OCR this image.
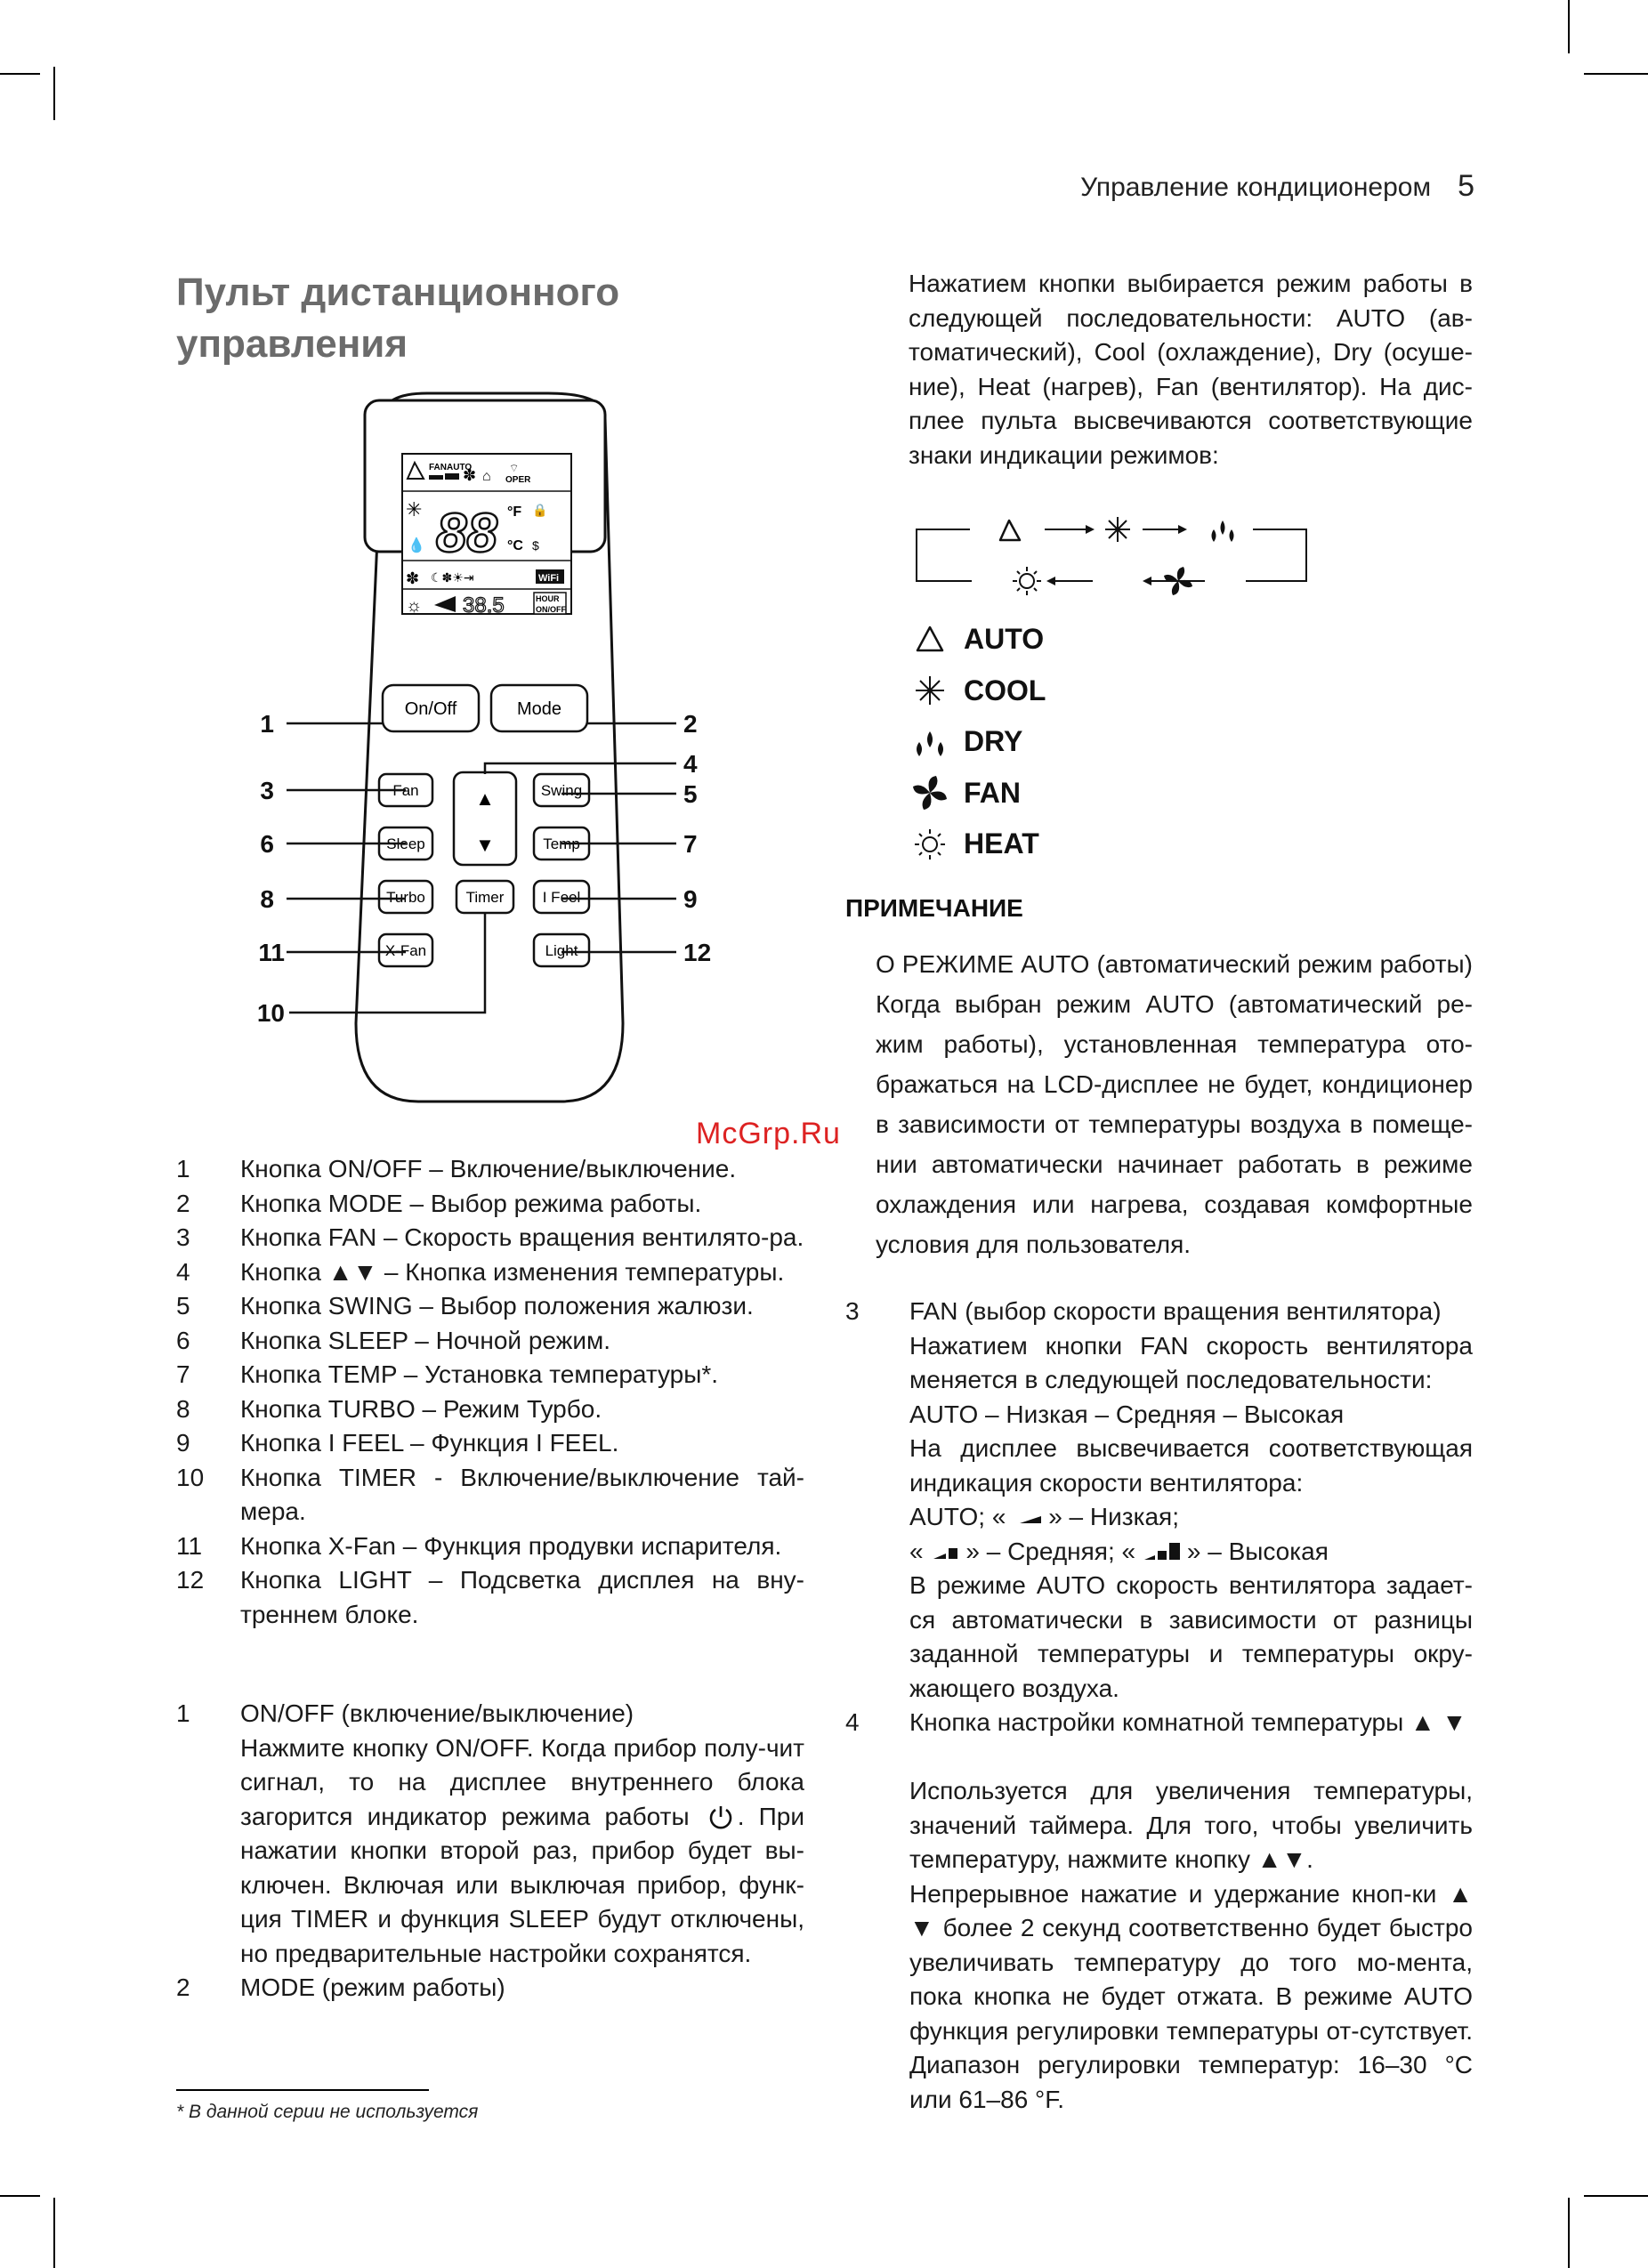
Управление кондиционером 5
Пульт дистанционного
управления
FAN AUTO
✽ ⌂ OPER
⌔
✳
💧 88 °F
°C
🔒
$
✽ ☾✽☀⇥	WiFi
☼ 38.5	HOUR
ON/OFF
On/Off	Mode
Fan	▲
▼
Swing
Sleep	Temp
Turbo	Timer	I Feel
X-Fan	Light
1	2
4
3	5
6	7
8	9
11	12
10
1	Кнопка ON/OFF – Включение/выключение.
2	Кнопка MODE – Выбор режима работы.
3	Кнопка FAN – Скорость вращения вентилято-ра.
4	Кнопка ▲▼ – Кнопка изменения температуры.
5	Кнопка SWING – Выбор положения жалюзи.
6	Кнопка SLEEP – Ночной режим.
7	Кнопка TEMP – Установка температуры*.
8	Кнопка TURBO – Режим Турбо.
9	Кнопка I FEEL – Функция I FEEL.
10	Кнопка TIMER - Включение/выключение тай-мера.
11	Кнопка X-Fan – Функция продувки испарителя.
12	Кнопка LIGHT – Подсветка дисплея на вну-треннем блоке.
1	ON/OFF (включение/выключение)
Нажмите кнопку ON/OFF. Когда прибор полу-чит сигнал, то на дисплее внутреннего блока загорится индикатор режима работы . При нажатии кнопки второй раз, прибор будет вы-ключен. Включая или выключая прибор, функ-ция TIMER и функция SLEEP будут отключены, но предварительные настройки сохранятся.
2	MODE (режим работы)
* В данной серии не используется
Нажатием кнопки выбирается режим работы в следующей последовательности: AUTO (ав-томатический), Cool (охлаждение), Dry (осуше-ние), Heat (нагрев), Fan (вентилятор). На дис-плее пульта высвечиваются соответствующие знаки индикации режимов:
AUTO
COOL
DRY
FAN
HEAT
ПРИМЕЧАНИЕ
О РЕЖИМЕ AUTO (автоматический режим работы) Когда выбран режим AUTO (автоматический ре-жим работы), установленная температура ото-бражаться на LCD-дисплее не будет, кондиционер в зависимости от температуры воздуха в помеще-нии автоматически начинает работать в режиме охлаждения или нагрева, создавая комфортные условия для пользователя.
McGrp.Ru
3	FAN (выбор скорости вращения вентилятора)
Нажатием кнопки FAN скорость вентилятора меняется в следующей последовательности:
AUTO – Низкая – Средняя – Высокая
На дисплее высвечивается соответствующая индикация скорости вентилятора:
AUTO; « » – Низкая;
« » – Средняя; « » – Высокая
В режиме AUTO скорость вентилятора задает-ся автоматически в зависимости от разницы заданной температуры и температуры окру-жающего воздуха.
4	Кнопка настройки комнатной температуры ▲ ▼
Используется для увеличения температуры, значений таймера. Для того, чтобы увеличить температуру, нажмите кнопку ▲▼.
Непрерывное нажатие и удержание кноп-ки ▲ ▼ более 2 секунд соответственно будет быстро увеличивать температуру до того мо-мента, пока кнопка не будет отжата. В режиме AUTO функция регулировки температуры от-сутствует. Диапазон регулировки температур: 16–30 °C или 61–86 °F.
